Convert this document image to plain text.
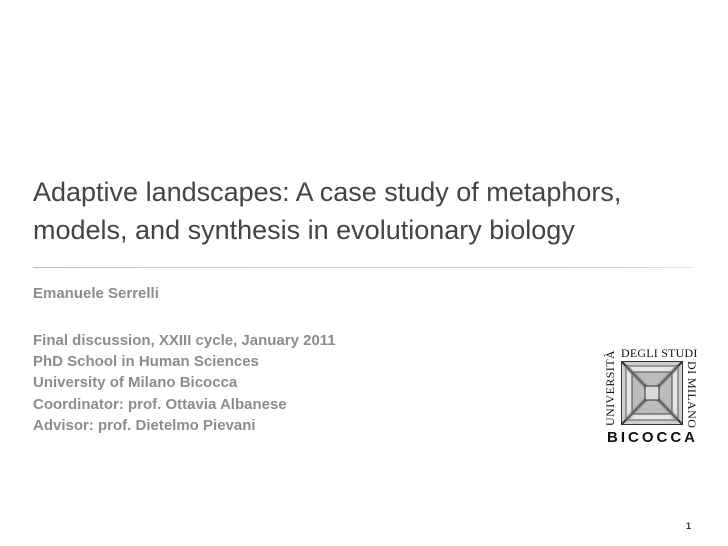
Adaptive landscapes: A case study of metaphors,
models, and synthesis in evolutionary biology
Emanuele Serrelli
Final discussion, XXIII cycle, January 2011
PhD School in Human Sciences
University of Milano Bicocca
Coordinator: prof. Ottavia Albanese
Advisor: prof. Dietelmo Pievani	UNIVERSITÀ DEGLI STUDI
DI MILANO
BICOCCA
1
